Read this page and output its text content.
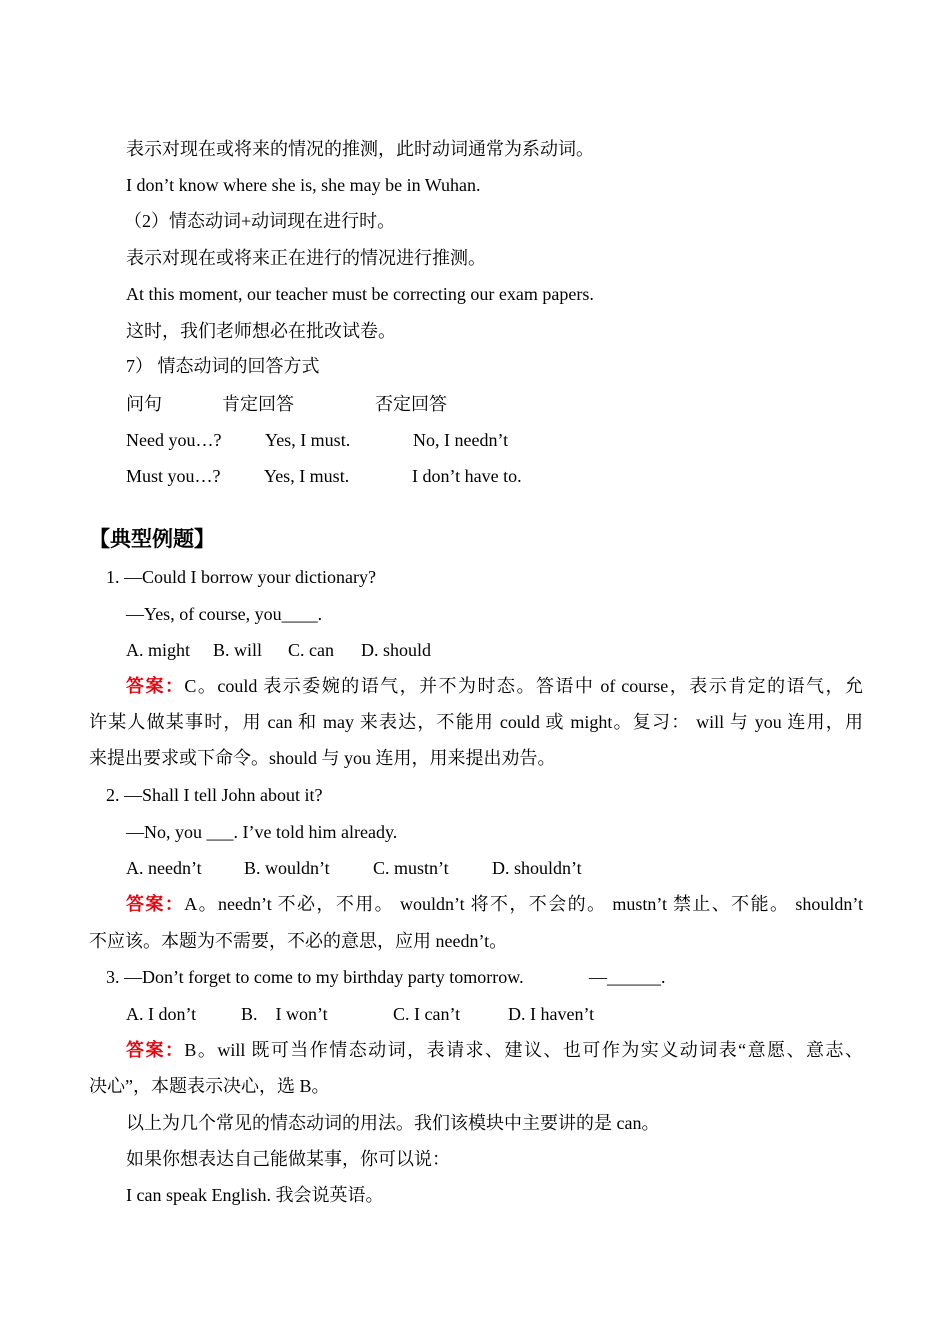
表示对现在或将来的情况的推测，此时动词通常为系动词。
I don’t know where she is, she may be in Wuhan.
（2）情态动词+动词现在进行时。
表示对现在或将来正在进行的情况进行推测。
At this moment, our teacher must be correcting our exam papers.
这时，我们老师想必在批改试卷。
7） 情态动词的回答方式
问句	肯定回答	否定回答
Need you…? Yes, I must.	No, I needn’t
Must you…? Yes, I must.	I don’t have to.
【典型例题】
1. —Could I borrow your dictionary?
—Yes, of course, you____.
A. might B. will C. can D. should
答案：C。could 表示委婉的语气，并不为时态。答语中 of course，表示肯定的语气，允
许某人做某事时，用 can 和 may 来表达，不能用 could 或 might。复习： will 与 you 连用，用
来提出要求或下命令。should 与 you 连用，用来提出劝告。
2. —Shall I tell John about it?
—No, you ___. I’ve told him already.
A. needn’t B. wouldn’t C. mustn’t D. shouldn’t
答案：A。needn’t 不必，不用。 wouldn’t 将不，不会的。 mustn’t 禁止、不能。 shouldn’t
不应该。本题为不需要，不必的意思，应用 needn’t。
3. —Don’t forget to come to my birthday party tomorrow.	—______.
A. I don’t B.    I won’t	C. I can’t	D. I haven’t
答案：B。will 既可当作情态动词，表请求、建议、也可作为实义动词表“意愿、意志、
决心”，本题表示决心，选 B。
以上为几个常见的情态动词的用法。我们该模块中主要讲的是 can。
如果你想表达自己能做某事，你可以说：
I can speak English. 我会说英语。
